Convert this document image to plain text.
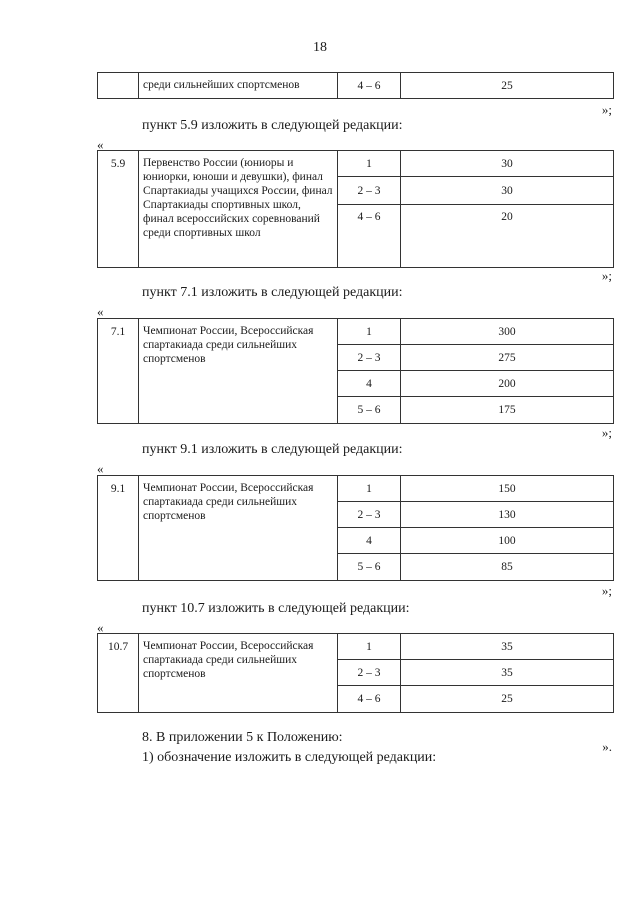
18
	среди сильнейших спортсменов	4 – 6	25
»;
пункт 5.9 изложить в следующей редакции:
«
5.9	Первенство России (юниоры и юниорки, юноши и девушки), финал Спартакиады учащихся России, финал Спартакиады спортивных школ, финал всероссийских соревнований среди спортивных школ	1	30
		2 – 3	30
		4 – 6	20
»;
пункт 7.1 изложить в следующей редакции:
«
7.1	Чемпионат России, Всероссийская спартакиада среди сильнейших спортсменов	1	300
		2 – 3	275
		4	200
		5 – 6	175
»;
пункт 9.1 изложить в следующей редакции:
«
9.1	Чемпионат России, Всероссийская спартакиада среди сильнейших спортсменов	1	150
		2 – 3	130
		4	100
		5 – 6	85
»;
пункт 10.7 изложить в следующей редакции:
«
10.7	Чемпионат России, Всероссийская спартакиада среди сильнейших спортсменов	1	35
		2 – 3	35
		4 – 6	25
».
8. В приложении 5 к Положению:
1) обозначение изложить в следующей редакции:
